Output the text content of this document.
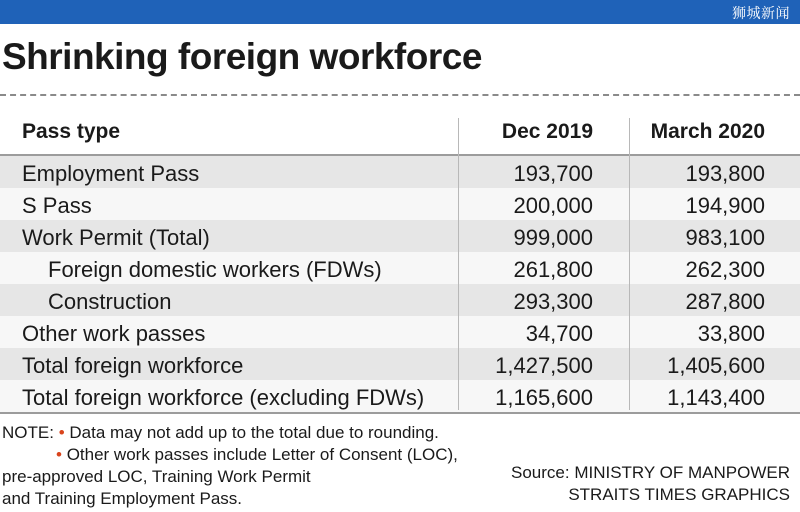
狮城新闻
Shrinking foreign workforce
Pass type	Dec 2019	March 2020
Employment Pass	193,700	193,800
S Pass	200,000	194,900
Work Permit (Total)	999,000	983,100
Foreign domestic workers (FDWs)	261,800	262,300
Construction	293,300	287,800
Other work passes	34,700	33,800
Total foreign workforce	1,427,500	1,405,600
Total foreign workforce (excluding FDWs)	1,165,600	1,143,400
NOTE: • Data may not add up to the total due to rounding.
• Other work passes include Letter of Consent (LOC),
pre-approved LOC, Training Work Permit
and Training Employment Pass.
Source: MINISTRY OF MANPOWER
STRAITS TIMES GRAPHICS
